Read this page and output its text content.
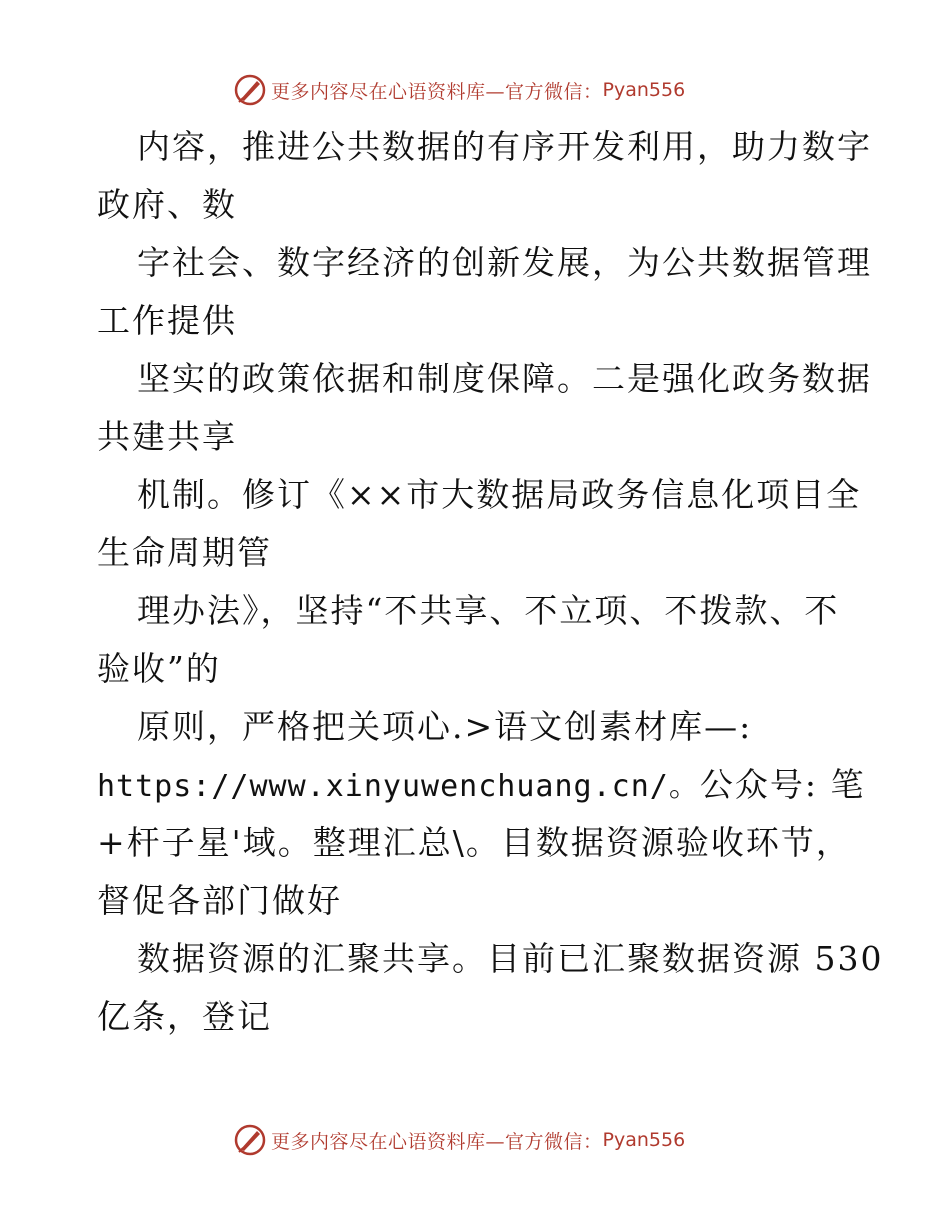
更多内容尽在心语资料库—官方微信： Pyan556
内容，推进公共数据的有序开发利用，助力数字
政府、数
字社会、数字经济的创新发展，为公共数据管理
工作提供
坚实的政策依据和制度保障。二是强化政务数据
共建共享
机制。修订《××市大数据局政务信息化项目全
生命周期管
理办法》，坚持“不共享、不立项、不拨款、不
验收”的
原则，严格把关项心.>语文创素材库—:
https://www.xinyuwenchuang.cn/。公众号: 笔
+杆子星'域。整理汇总\。目数据资源验收环节，
督促各部门做好
数据资源的汇聚共享。目前已汇聚数据资源 530
亿条，登记
更多内容尽在心语资料库—官方微信： Pyan556
